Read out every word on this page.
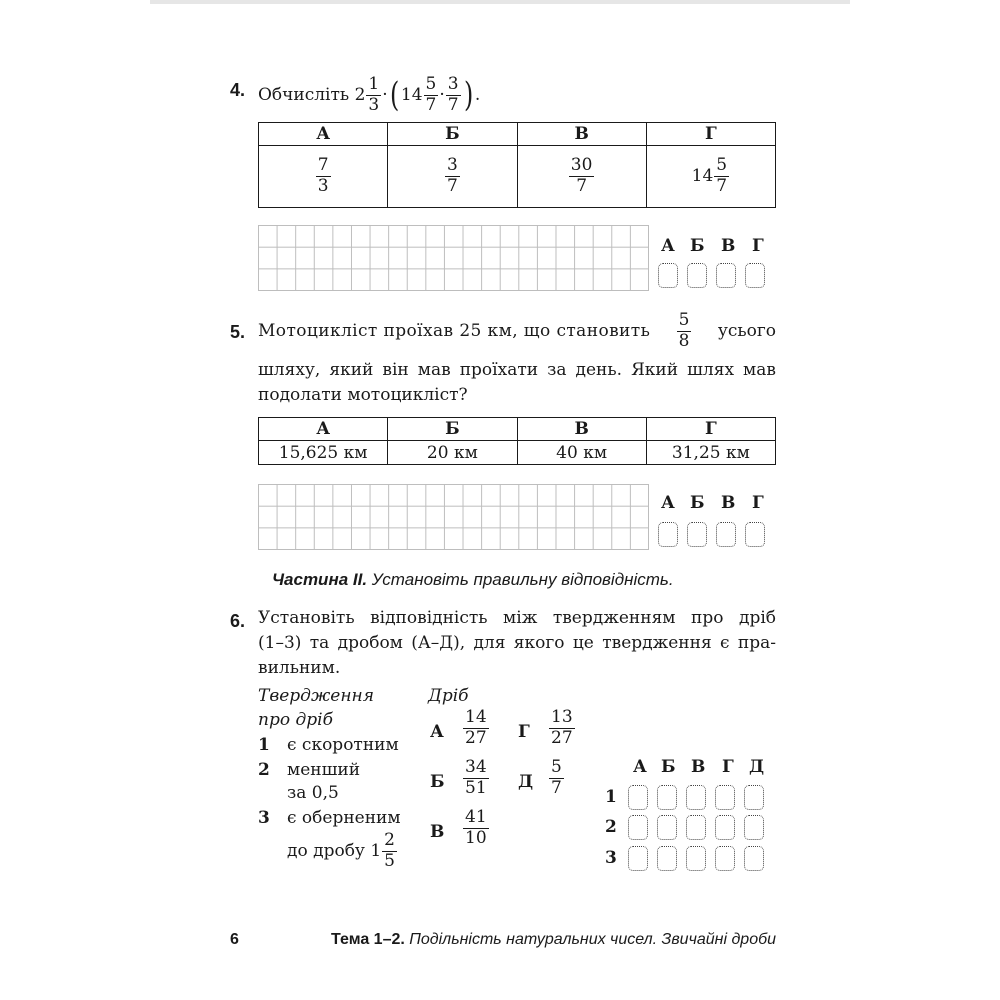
4. Обчисліть
$2 \frac{1}{3}$ · ( $14 \frac{5}{7} \cdot \frac{3}{7}$ ) .
А	Б	В	Г

$\frac{7}{3}$	$\frac{3}{7}$	$\frac{30}{7}$	$14 \frac{5}{7}$
А Б В Г
5. Мотоцикліст проїхав 25 км, що становить $\frac{5}{8}$ усього
шляху, який він мав проїхати за день. Який шлях мав
подолати мотоцикліст?
А	Б	В	Г
15,625 км	20 км	40 км	31,25 км
А Б В Г
Частина II. Установіть правильну відповідність.
6. Установіть відповідність між твердженням про дріб
(1–3) та дробом (А–Д), для якого це твердження є пра-
вильним.
Твердження
про дріб
1 є скоротним
2 менший
за 0,5
3 є оберненим
до дробу $1 \frac{2}{5}$
Дріб
А $\frac{14}{27}$ Г $\frac{13}{27}$
Б $\frac{34}{51}$ Д $\frac{5}{7}$
В $\frac{41}{10}$
А Б В Г Д
1
2
3
6	Тема 1–2. Подільність натуральних чисел. Звичайні дроби
